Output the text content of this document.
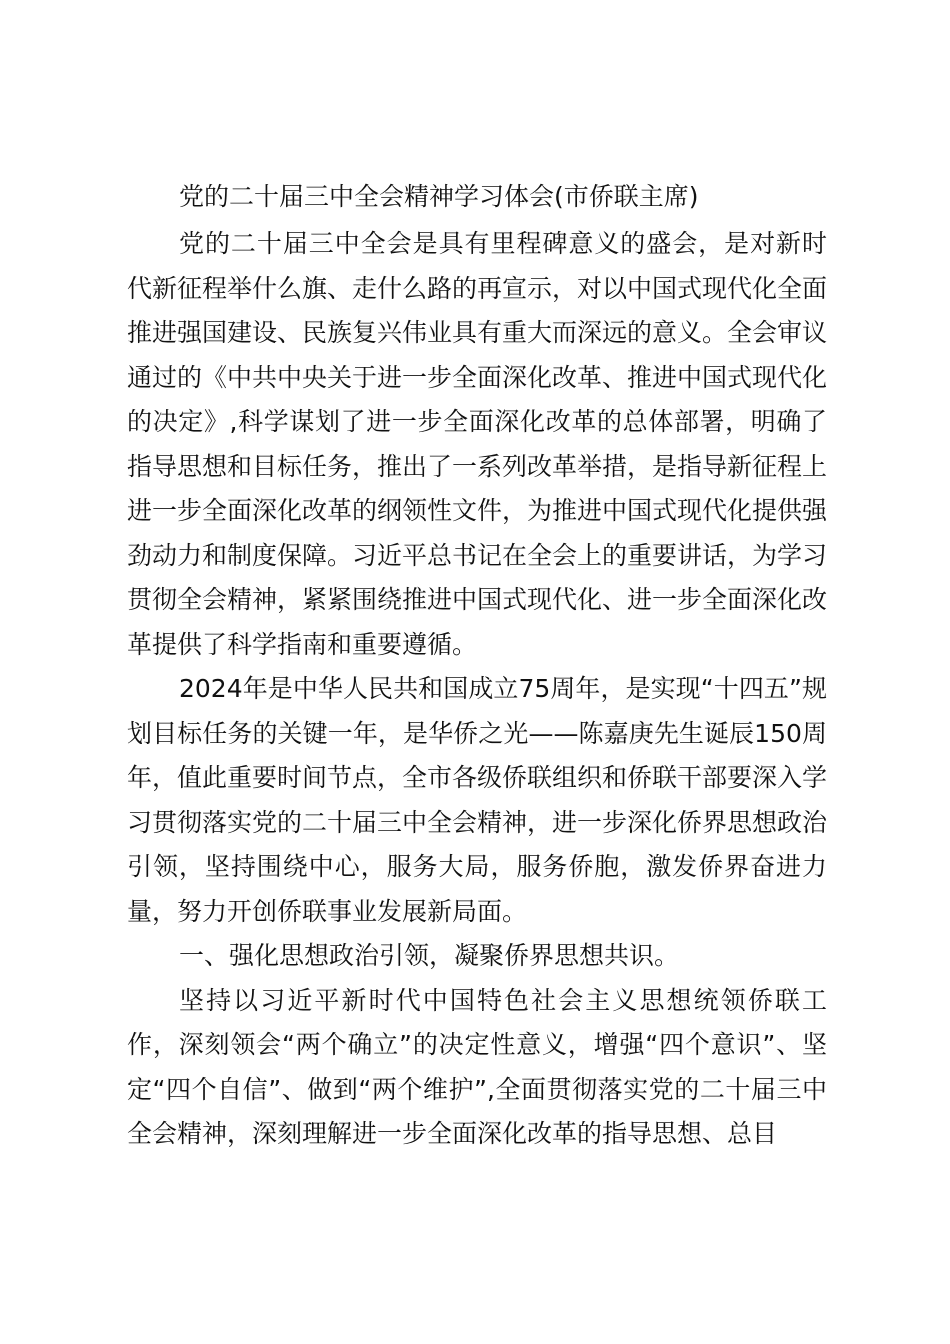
党的二十届三中全会精神学习体会(市侨联主席)

党的二十届三中全会是具有里程碑意义的盛会，是对新时代新征程举什么旗、走什么路的再宣示，对以中国式现代化全面推进强国建设、民族复兴伟业具有重大而深远的意义。全会审议通过的《中共中央关于进一步全面深化改革、推进中国式现代化的决定》,科学谋划了进一步全面深化改革的总体部署，明确了指导思想和目标任务，推出了一系列改革举措，是指导新征程上进一步全面深化改革的纲领性文件，为推进中国式现代化提供强劲动力和制度保障。习近平总书记在全会上的重要讲话，为学习贯彻全会精神，紧紧围绕推进中国式现代化、进一步全面深化改革提供了科学指南和重要遵循。

2024年是中华人民共和国成立75周年，是实现“十四五”规划目标任务的关键一年，是华侨之光——陈嘉庚先生诞辰150周年，值此重要时间节点，全市各级侨联组织和侨联干部要深入学习贯彻落实党的二十届三中全会精神，进一步深化侨界思想政治引领，坚持围绕中心，服务大局，服务侨胞，激发侨界奋进力量，努力开创侨联事业发展新局面。

一、强化思想政治引领，凝聚侨界思想共识。

坚持以习近平新时代中国特色社会主义思想统领侨联工作，深刻领会“两个确立”的决定性意义，增强“四个意识”、坚定“四个自信”、做到“两个维护”,全面贯彻落实党的二十届三中全会精神，深刻理解进一步全面深化改革的指导思想、总目
